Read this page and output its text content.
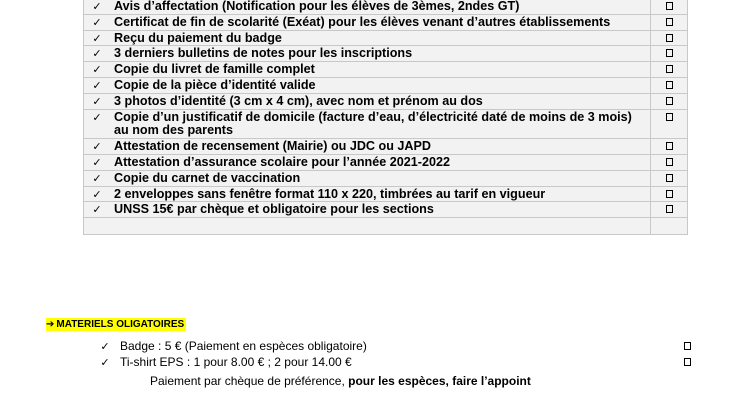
✓ Avis d’affectation (Notification pour les élèves de 3èmes, 2ndes GT)
✓ Certificat de fin de scolarité (Exéat) pour les élèves venant d’autres établissements
✓ Reçu du paiement du badge
✓ 3 derniers bulletins de notes pour les inscriptions
✓ Copie du livret de famille complet
✓ Copie de la pièce d’identité valide
✓ 3 photos d’identité (3 cm x 4 cm), avec nom et prénom au dos
✓ Copie d’un justificatif de domicile (facture d’eau, d’électricité daté de moins de 3 mois) au nom des parents
✓ Attestation de recensement (Mairie) ou JDC ou JAPD
✓ Attestation d’assurance scolaire pour l’année 2021-2022
✓ Copie du carnet de vaccination
✓ 2 enveloppes sans fenêtre format 110 x 220, timbrées au tarif en vigueur
✓ UNSS 15€ par chèque et obligatoire pour les sections
➔ MATERIELS OLIGATOIRES
✓ Badge : 5 € (Paiement en espèces obligatoire)
✓ Ti-shirt EPS : 1 pour 8.00 € ; 2 pour 14.00 €
Paiement par chèque de préférence, pour les espèces, faire l’appoint
